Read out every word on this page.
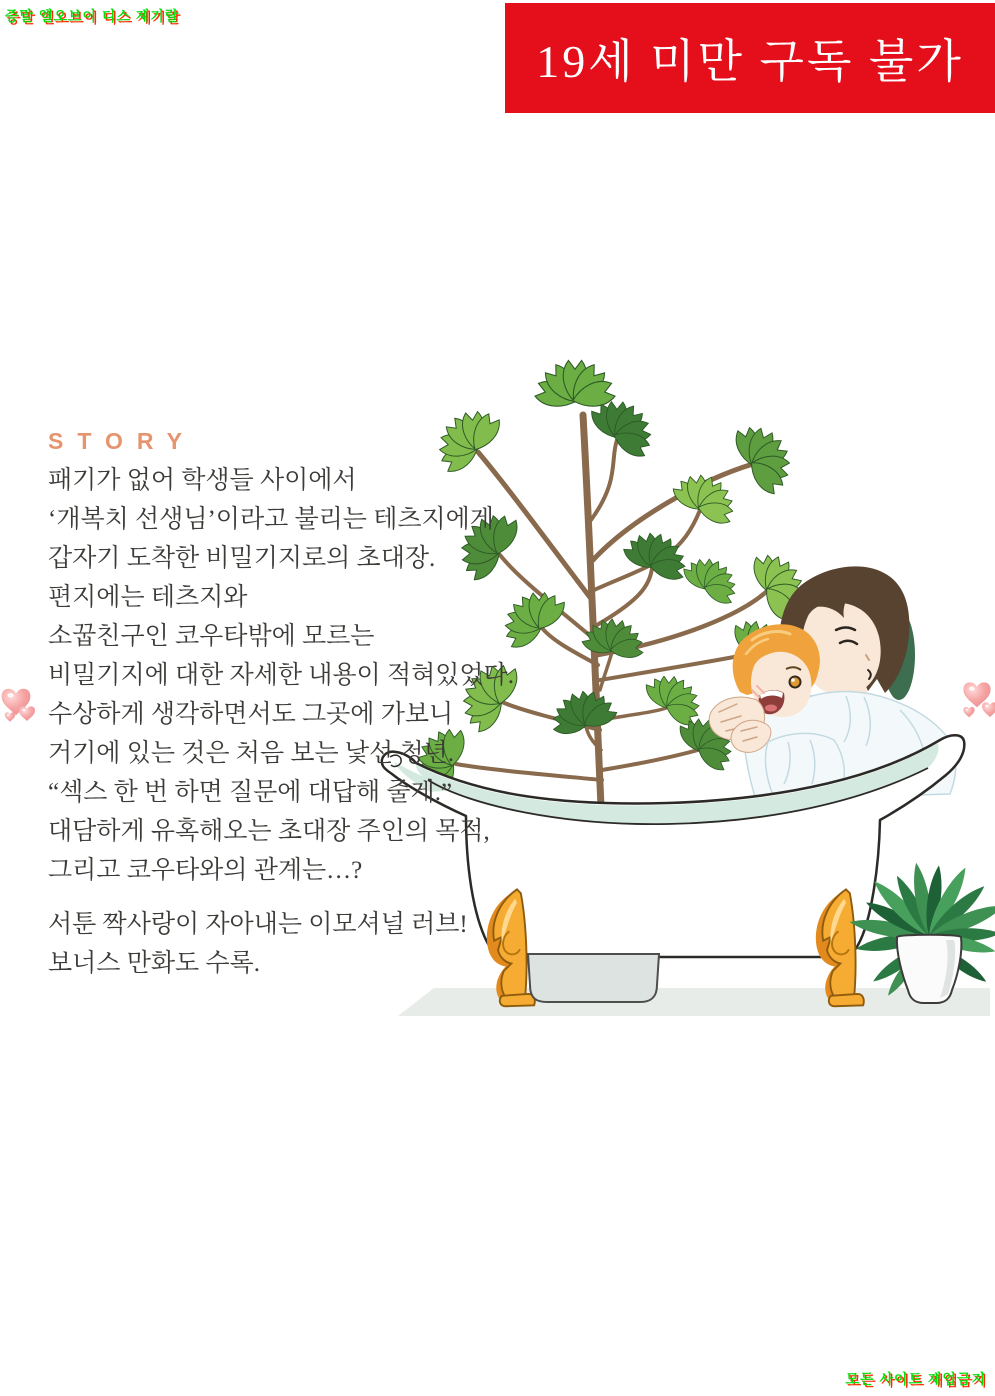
증말 엘오브이 디스 제기랄
19세 미만 구독 불가
STORY
패기가 없어 학생들 사이에서
‘개복치 선생님’이라고 불리는 테츠지에게
갑자기 도착한 비밀기지로의 초대장.
편지에는 테츠지와
소꿉친구인 코우타밖에 모르는
비밀기지에 대한 자세한 내용이 적혀있었다.
수상하게 생각하면서도 그곳에 가보니
거기에 있는 것은 처음 보는 낯선 청년.
“섹스 한 번 하면 질문에 대답해 줄게.”
대담하게 유혹해오는 초대장 주인의 목적,
그리고 코우타와의 관계는…?
서툰 짝사랑이 자아내는 이모셔널 러브!
보너스 만화도 수록.
모든 사이트 재업금지
